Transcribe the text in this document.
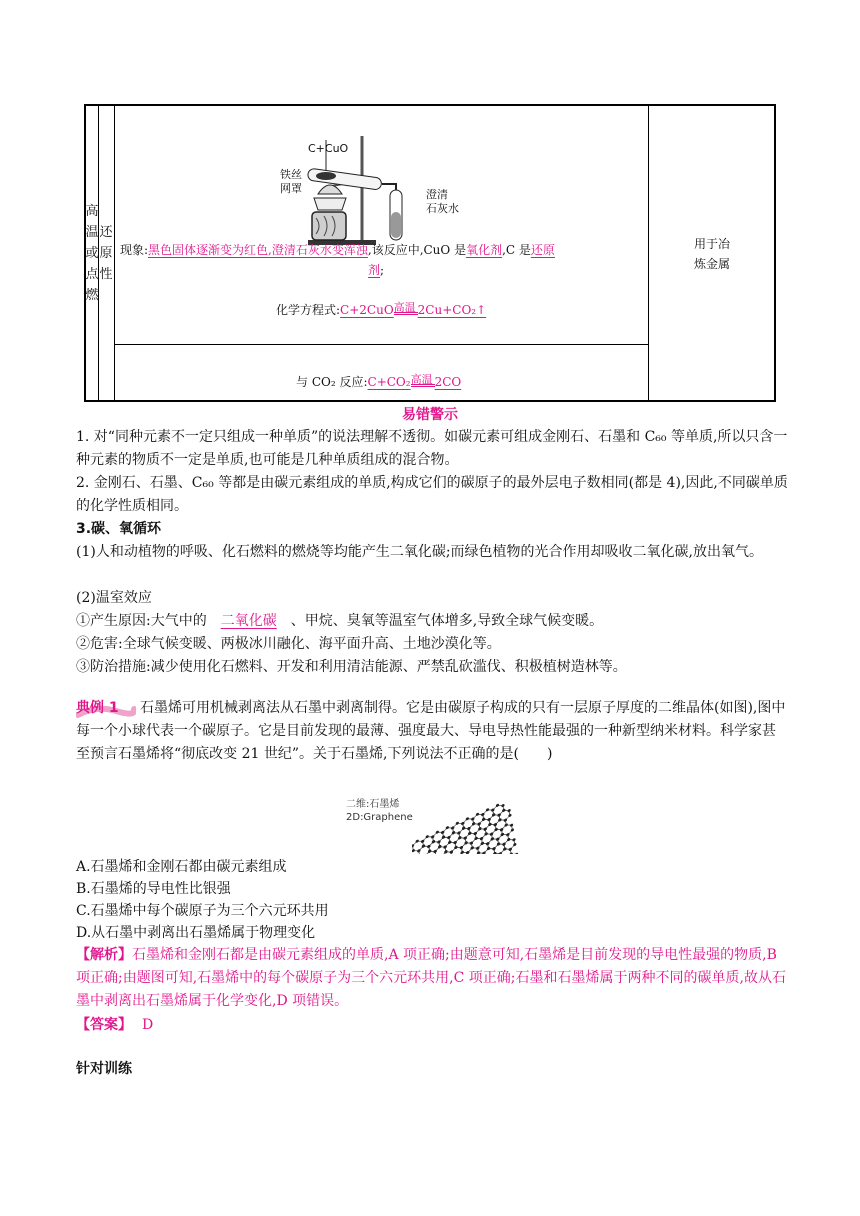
高
温
或
点
燃
还
原
性
C+CuO
铁丝
网罩	澄清
石灰水
现象:黑色固体逐渐变为红色,澄清石灰水变浑浊,该反应中,CuO 是氧化剂,C 是还原
剂;
化学方程式:C+2CuO 高温 2Cu+CO₂↑
与 CO₂ 反应:C+CO₂ 高温 2CO
用于冶
炼金属
易错警示

1. 对“同种元素不一定只组成一种单质”的说法理解不透彻。如碳元素可组成金刚石、石墨和 C₆₀ 等单质,所以只含一种元素的物质不一定是单质,也可能是几种单质组成的混合物。

2. 金刚石、石墨、C₆₀ 等都是由碳元素组成的单质,构成它们的碳原子的最外层电子数相同(都是 4),因此,不同碳单质的化学性质相同。

3.碳、氧循环

(1)人和动植物的呼吸、化石燃料的燃烧等均能产生二氧化碳;而绿色植物的光合作用却吸收二氧化碳,放出氧气。

(2)温室效应
①产生原因:大气中的 二氧化碳 、甲烷、臭氧等温室气体增多,导致全球气候变暖。
②危害:全球气候变暖、两极冰川融化、海平面升高、土地沙漠化等。
③防治措施:减少使用化石燃料、开发和利用清洁能源、严禁乱砍滥伐、积极植树造林等。
典例 1	石墨烯可用机械剥离法从石墨中剥离制得。它是由碳原子构成的只有一层原子厚度的二维晶体(如图),图中每一个小球代表一个碳原子。它是目前发现的最薄、强度最大、导电导热性能最强的一种新型纳米材料。科学家甚至预言石墨烯将“彻底改变 21 世纪”。关于石墨烯,下列说法不正确的是(　　)

二维:石墨烯
2D:Graphene
A.石墨烯和金刚石都由碳元素组成
B.石墨烯的导电性比银强
C.石墨烯中每个碳原子为三个六元环共用
D.从石墨中剥离出石墨烯属于物理变化

【解析】石墨烯和金刚石都是由碳元素组成的单质,A 项正确;由题意可知,石墨烯是目前发现的导电性最强的物质,B 项正确;由题图可知,石墨烯中的每个碳原子为三个六元环共用,C 项正确;石墨和石墨烯属于两种不同的碳单质,故从石墨中剥离出石墨烯属于化学变化,D 项错误。

【答案】 D
针对训练
